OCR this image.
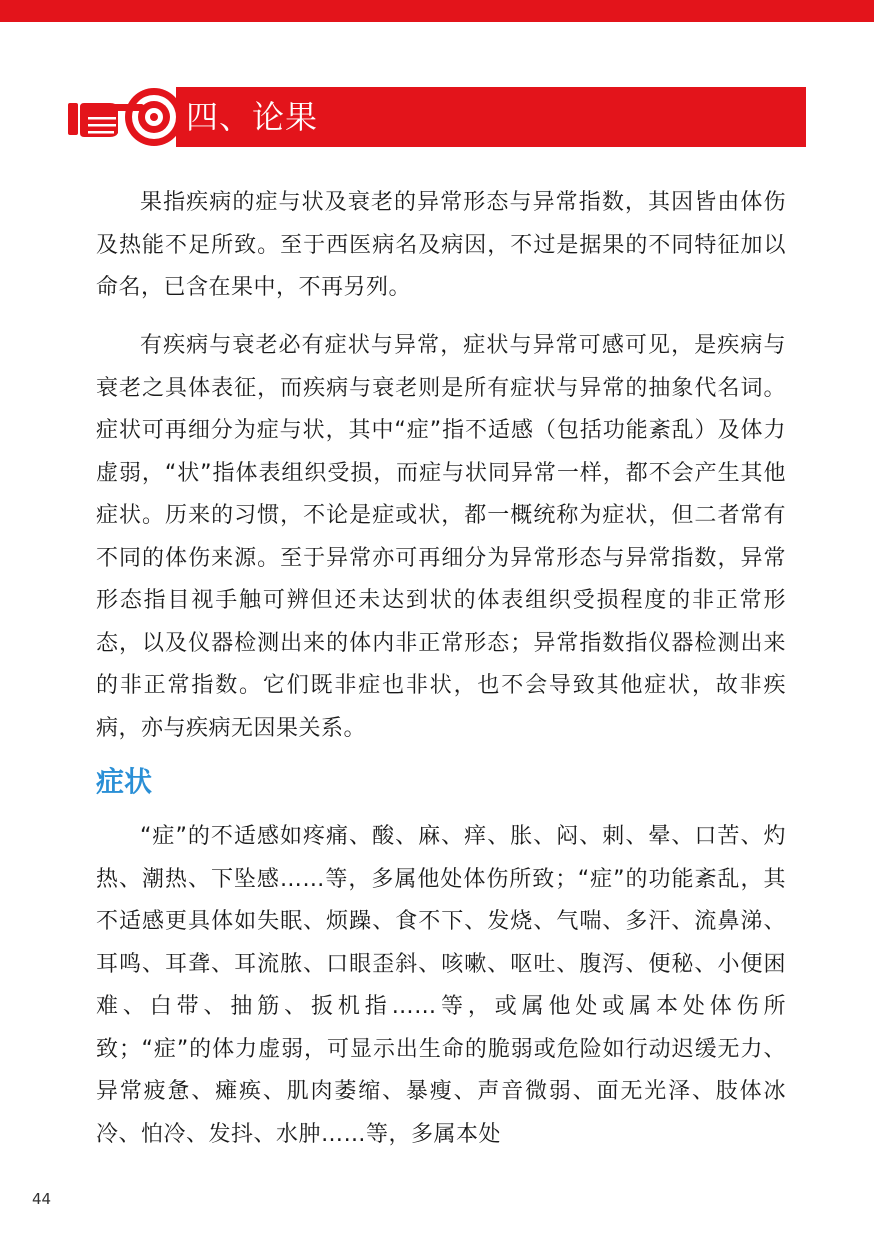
四、论果

果指疾病的症与状及衰老的异常形态与异常指数，其因皆由体伤及热能不足所致。至于西医病名及病因，不过是据果的不同特征加以命名，已含在果中，不再另列。

有疾病与衰老必有症状与异常，症状与异常可感可见，是疾病与衰老之具体表征，而疾病与衰老则是所有症状与异常的抽象代名词。症状可再细分为症与状，其中“症”指不适感（包括功能紊乱）及体力虚弱，“状”指体表组织受损，而症与状同异常一样，都不会产生其他症状。历来的习惯，不论是症或状，都一概统称为症状，但二者常有不同的体伤来源。至于异常亦可再细分为异常形态与异常指数，异常形态指目视手触可辨但还未达到状的体表组织受损程度的非正常形态，以及仪器检测出来的体内非正常形态；异常指数指仪器检测出来的非正常指数。它们既非症也非状，也不会导致其他症状，故非疾病，亦与疾病无因果关系。

症状

“症”的不适感如疼痛、酸、麻、痒、胀、闷、刺、晕、口苦、灼热、潮热、下坠感……等，多属他处体伤所致；“症”的功能紊乱，其不适感更具体如失眠、烦躁、食不下、发烧、气喘、多汗、流鼻涕、耳鸣、耳聋、耳流脓、口眼歪斜、咳嗽、呕吐、腹泻、便秘、小便困难、白带、抽筋、扳机指……等，或属他处或属本处体伤所致；“症”的体力虚弱，可显示出生命的脆弱或危险如行动迟缓无力、异常疲惫、瘫痪、肌肉萎缩、暴瘦、声音微弱、面无光泽、肢体冰冷、怕冷、发抖、水肿……等，多属本处

44
